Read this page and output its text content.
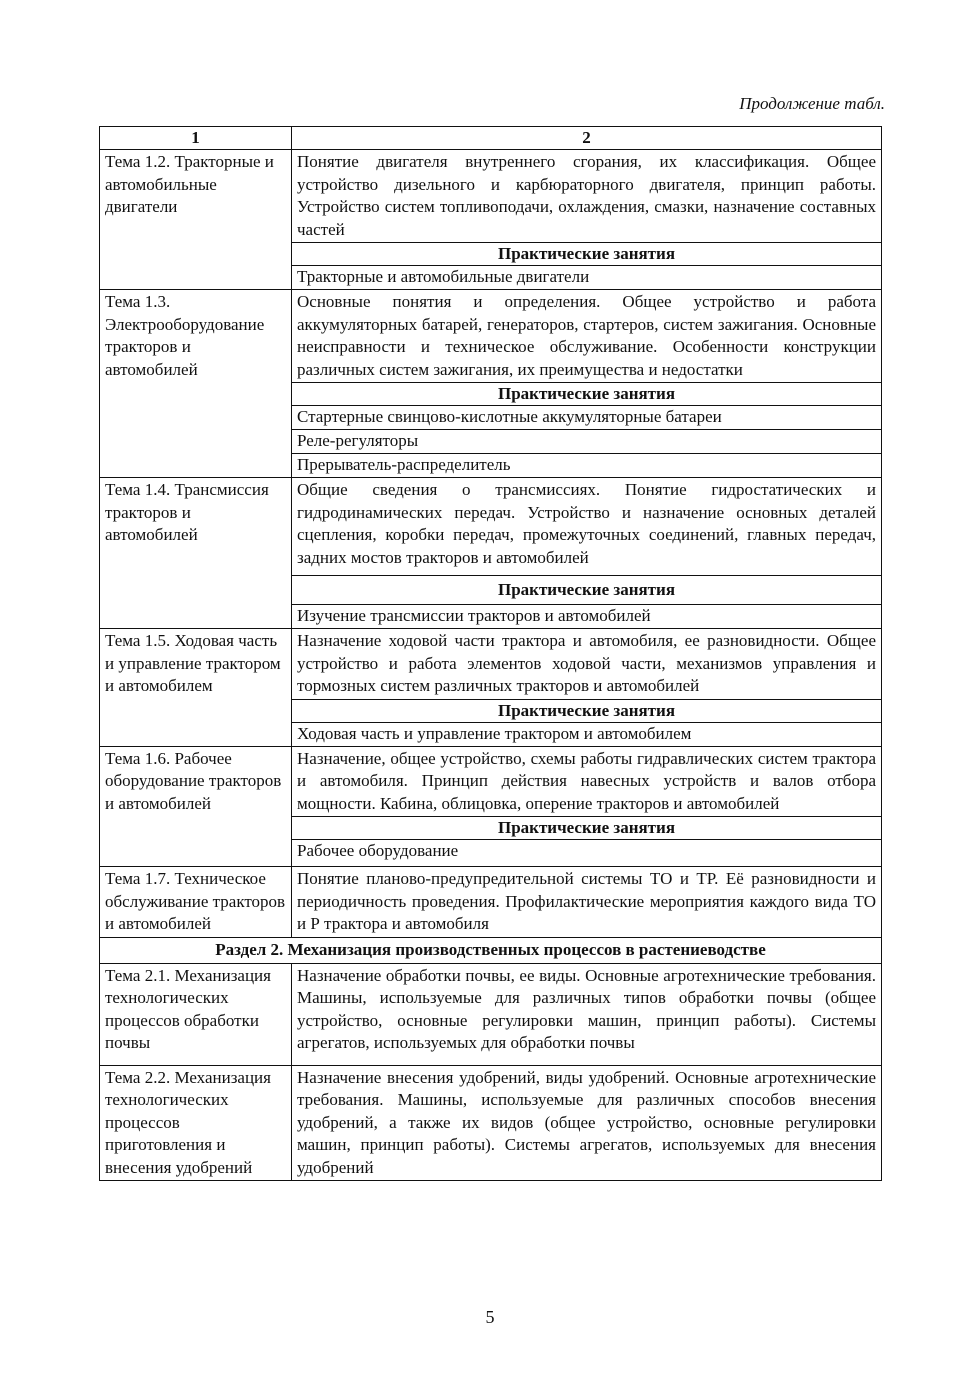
Продолжение табл.
1	2
Тема 1.2. Тракторные и автомобильные двигатели	Понятие двигателя внутреннего сгорания, их классификация. Общее устройство дизельного и карбюраторного двигателя, принцип работы. Устройство систем топливоподачи, охлаждения, смазки, назначение составных частей
	Практические занятия
	Тракторные и автомобильные двигатели
Тема 1.3. Электрооборудование тракторов и автомобилей	Основные понятия и определения. Общее устройство и работа аккумуляторных батарей, генераторов, стартеров, систем зажигания. Основные неисправности и техническое обслуживание. Особенности конструкции различных систем зажигания, их преимущества и недостатки
	Практические занятия
	Стартерные свинцово-кислотные аккумуляторные батареи
	Реле-регуляторы
	Прерыватель-распределитель
Тема 1.4. Трансмиссия тракторов и автомобилей	Общие сведения о трансмиссиях. Понятие гидростатических и гидродинамических передач. Устройство и назначение основных деталей сцепления, коробки передач, промежуточных соединений, главных передач, задних мостов тракторов и автомобилей
	Практические занятия
	Изучение трансмиссии тракторов и автомобилей
Тема 1.5. Ходовая часть и управление трактором и автомобилем	Назначение ходовой части трактора и автомобиля, ее разновидности. Общее устройство и работа элементов ходовой части, механизмов управления и тормозных систем различных тракторов и автомобилей
	Практические занятия
	Ходовая часть и управление трактором и автомобилем
Тема 1.6. Рабочее оборудование тракторов и автомобилей	Назначение, общее устройство, схемы работы гидравлических систем трактора и автомобиля. Принцип действия навесных устройств и валов отбора мощности. Кабина, облицовка, оперение тракторов и автомобилей
	Практические занятия
	Рабочее оборудование
Тема 1.7. Техническое обслуживание тракторов и автомобилей	Понятие планово-предупредительной системы ТО и ТР. Её разновидности и периодичность проведения. Профилактические мероприятия каждого вида ТО и Р трактора и автомобиля
Раздел 2. Механизация производственных процессов в растениеводстве	
Тема 2.1. Механизация технологических процессов обработки почвы	Назначение обработки почвы, ее виды. Основные агротехнические требования. Машины, используемые для различных типов обработки почвы (общее устройство, основные регулировки машин, принцип работы). Системы агрегатов, используемых для обработки почвы
Тема 2.2. Механизация технологических процессов приготовления и внесения удобрений	Назначение внесения удобрений, виды удобрений. Основные агротехнические требования. Машины, используемые для различных способов внесения удобрений, а также их видов (общее устройство, основные регулировки машин, принцип работы). Системы агрегатов, используемых для внесения удобрений
5
